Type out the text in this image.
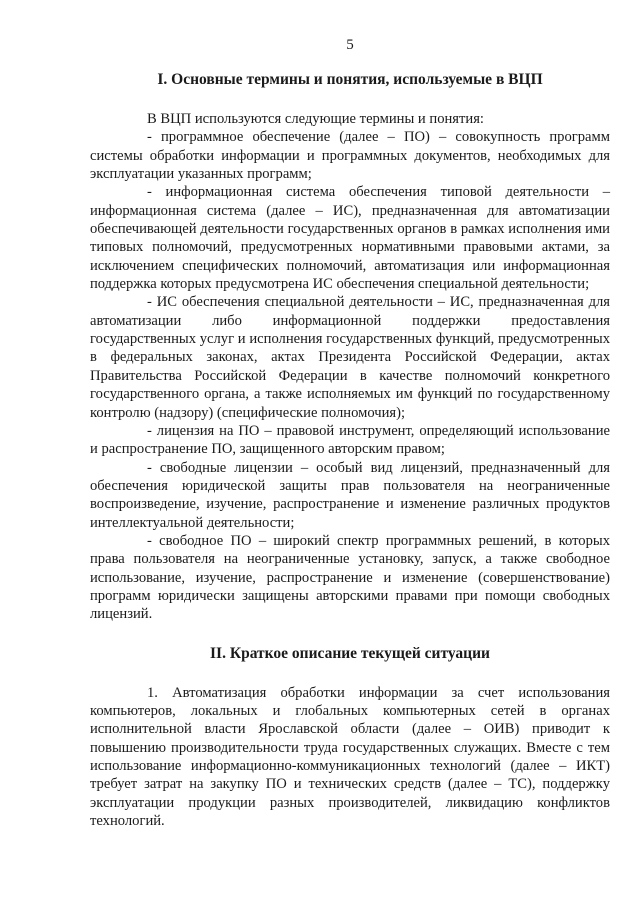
5
I. Основные термины и понятия, используемые в ВЦП

В ВЦП используются следующие термины и понятия:

- программное обеспечение (далее – ПО) – совокупность программ системы обработки информации и программных документов, необходимых для эксплуатации указанных программ;

- информационная система обеспечения типовой деятельности – информационная система (далее – ИС), предназначенная для автоматизации обеспечивающей деятельности государственных органов в рамках исполнения ими типовых полномочий, предусмотренных нормативными правовыми актами, за исключением специфических полномочий, автоматизация или информационная поддержка которых предусмотрена ИС обеспечения специальной деятельности;

- ИС обеспечения специальной деятельности – ИС, предназначенная для автоматизации либо информационной поддержки предоставления государственных услуг и исполнения государственных функций, предусмотренных в федеральных законах, актах Президента Российской Федерации, актах Правительства Российской Федерации в качестве полномочий конкретного государственного органа, а также исполняемых им функций по государственному контролю (надзору) (специфические полномочия);

- лицензия на ПО – правовой инструмент, определяющий использование и распространение ПО, защищенного авторским правом;

- свободные лицензии – особый вид лицензий, предназначенный для обеспечения юридической защиты прав пользователя на неограниченные воспроизведение, изучение, распространение и изменение различных продуктов интеллектуальной деятельности;

- свободное ПО – широкий спектр программных решений, в которых права пользователя на неограниченные установку, запуск, а также свободное использование, изучение, распространение и изменение (совершенствование) программ юридически защищены авторскими правами при помощи свободных лицензий.

II. Краткое описание текущей ситуации

1. Автоматизация обработки информации за счет использования компьютеров, локальных и глобальных компьютерных сетей в органах исполнительной власти Ярославской области (далее – ОИВ) приводит к повышению производительности труда государственных служащих. Вместе с тем использование информационно-коммуникационных технологий (далее – ИКТ) требует затрат на закупку ПО и технических средств (далее – ТС), поддержку эксплуатации продукции разных производителей, ликвидацию конфликтов технологий.
